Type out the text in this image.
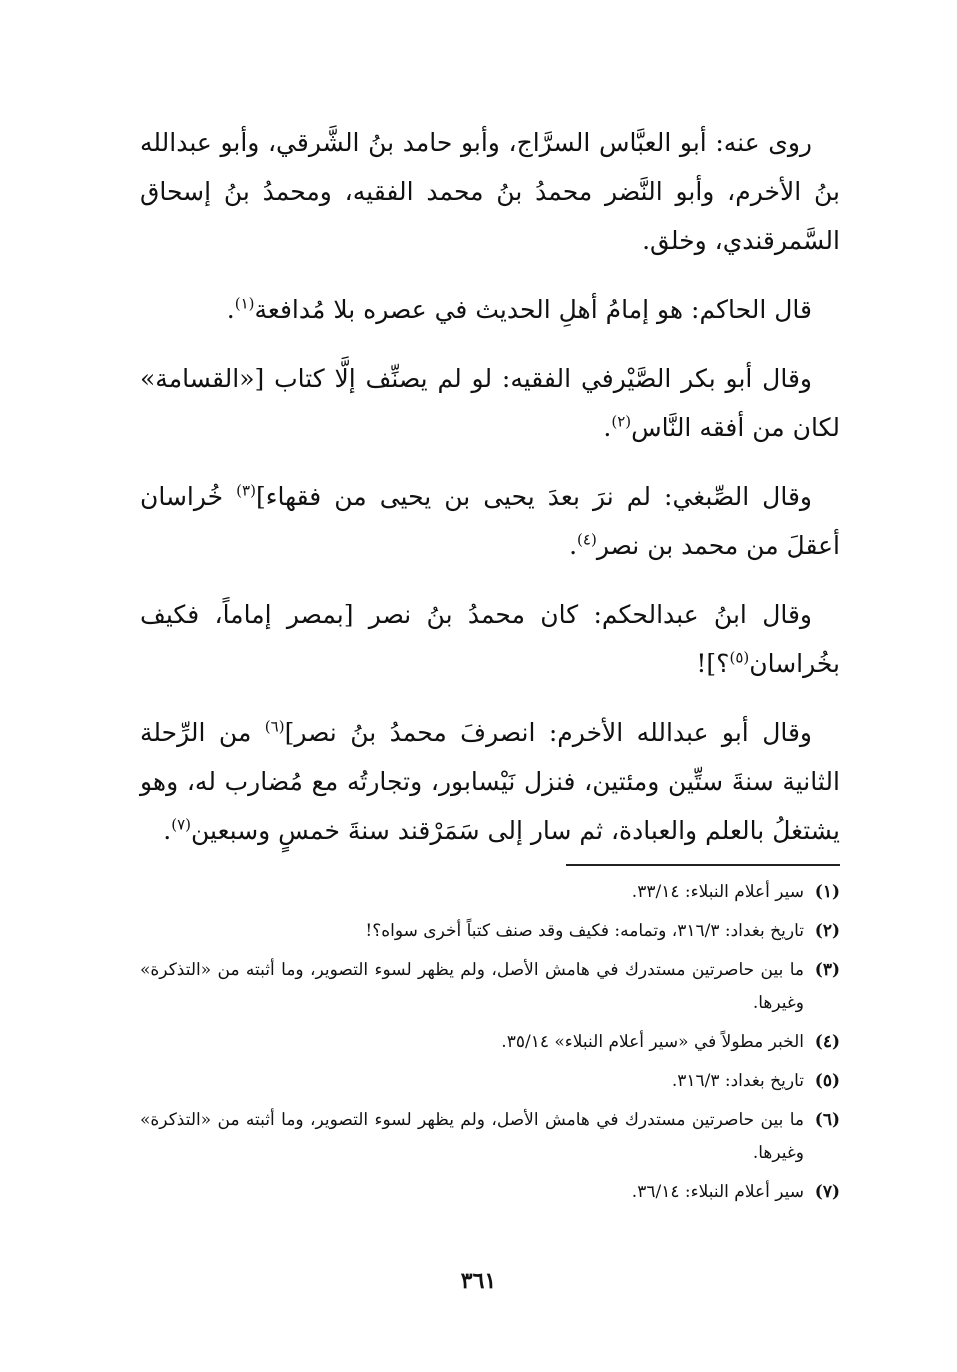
روى عنه: أبو العبَّاس السرَّاج، وأبو حامد بنُ الشَّرقي، وأبو عبدالله بنُ الأخرم، وأبو النَّضر محمدُ بنُ محمد الفقيه، ومحمدُ بنُ إسحاق السَّمرقندي، وخلق.

قال الحاكم: هو إمامُ أهلِ الحديث في عصره بلا مُدافعة$^{(١)}$.

وقال أبو بكر الصَّيْرفي الفقيه: لو لم يصنِّف إلَّا كتاب [«القسامة» لكان من أفقه النَّاس$^{(٢)}$.

وقال الصِّبغي: لم نرَ بعدَ يحيى بن يحيى من فقهاء]$^{(٣)}$ خُراسان أعقلَ من محمد بن نصر$^{(٤)}$.

وقال ابنُ عبدالحكم: كان محمدُ بنُ نصر [بمصر إماماً، فكيف بخُراسان$^{(٥)}$؟]!

وقال أبو عبدالله الأخرم: انصرفَ محمدُ بنُ نصر]$^{(٦)}$ من الرِّحلة الثانية سنةَ ستِّين ومئتين، فنزل نَيْسابور، وتجارتُه مع مُضارب له، وهو يشتغلُ بالعلم والعبادة، ثم سار إلى سَمَرْقند سنةَ خمسٍ وسبعين$^{(٧)}$.

(١)
سير أعلام النبلاء: ٣٣/١٤.
(٢)
تاريخ بغداد: ٣١٦/٣، وتمامه: فكيف وقد صنف كتباً أخرى سواه؟!
(٣)
ما بين حاصرتين مستدرك في هامش الأصل، ولم يظهر لسوء التصوير، وما أثبته من «التذكرة» وغيرها.
(٤)
الخبر مطولاً في «سير أعلام النبلاء» ٣٥/١٤.
(٥)
تاريخ بغداد: ٣١٦/٣.
(٦)
ما بين حاصرتين مستدرك في هامش الأصل، ولم يظهر لسوء التصوير، وما أثبته من «التذكرة» وغيرها.
(٧)
سير أعلام النبلاء: ٣٦/١٤.
٣٦١
